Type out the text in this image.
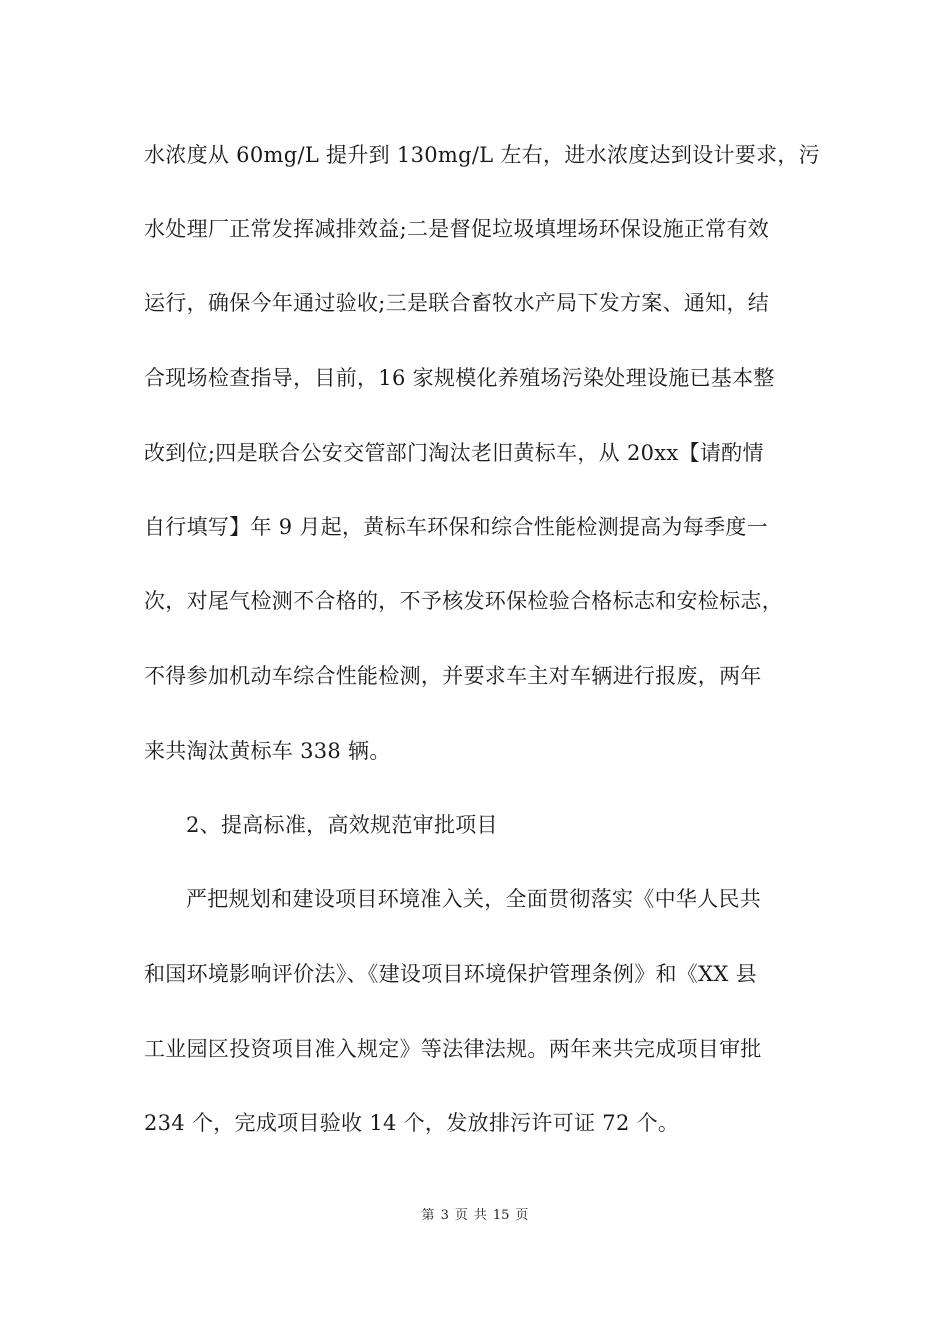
水浓度从 60mg/L 提升到 130mg/L 左右，进水浓度达到设计要求，污
水处理厂正常发挥减排效益;二是督促垃圾填埋场环保设施正常有效
运行，确保今年通过验收;三是联合畜牧水产局下发方案、通知，结
合现场检查指导，目前，16 家规模化养殖场污染处理设施已基本整
改到位;四是联合公安交管部门淘汰老旧黄标车，从 20xx【请酌情
自行填写】年 9 月起，黄标车环保和综合性能检测提高为每季度一
次，对尾气检测不合格的，不予核发环保检验合格标志和安检标志，
不得参加机动车综合性能检测，并要求车主对车辆进行报废，两年
来共淘汰黄标车 338 辆。
2、提高标准，高效规范审批项目
严把规划和建设项目环境准入关，全面贯彻落实《中华人民共
和国环境影响评价法》、《建设项目环境保护管理条例》和《XX 县
工业园区投资项目准入规定》等法律法规。两年来共完成项目审批
234 个，完成项目验收 14 个，发放排污许可证 72 个。
第 3 页 共 15 页
